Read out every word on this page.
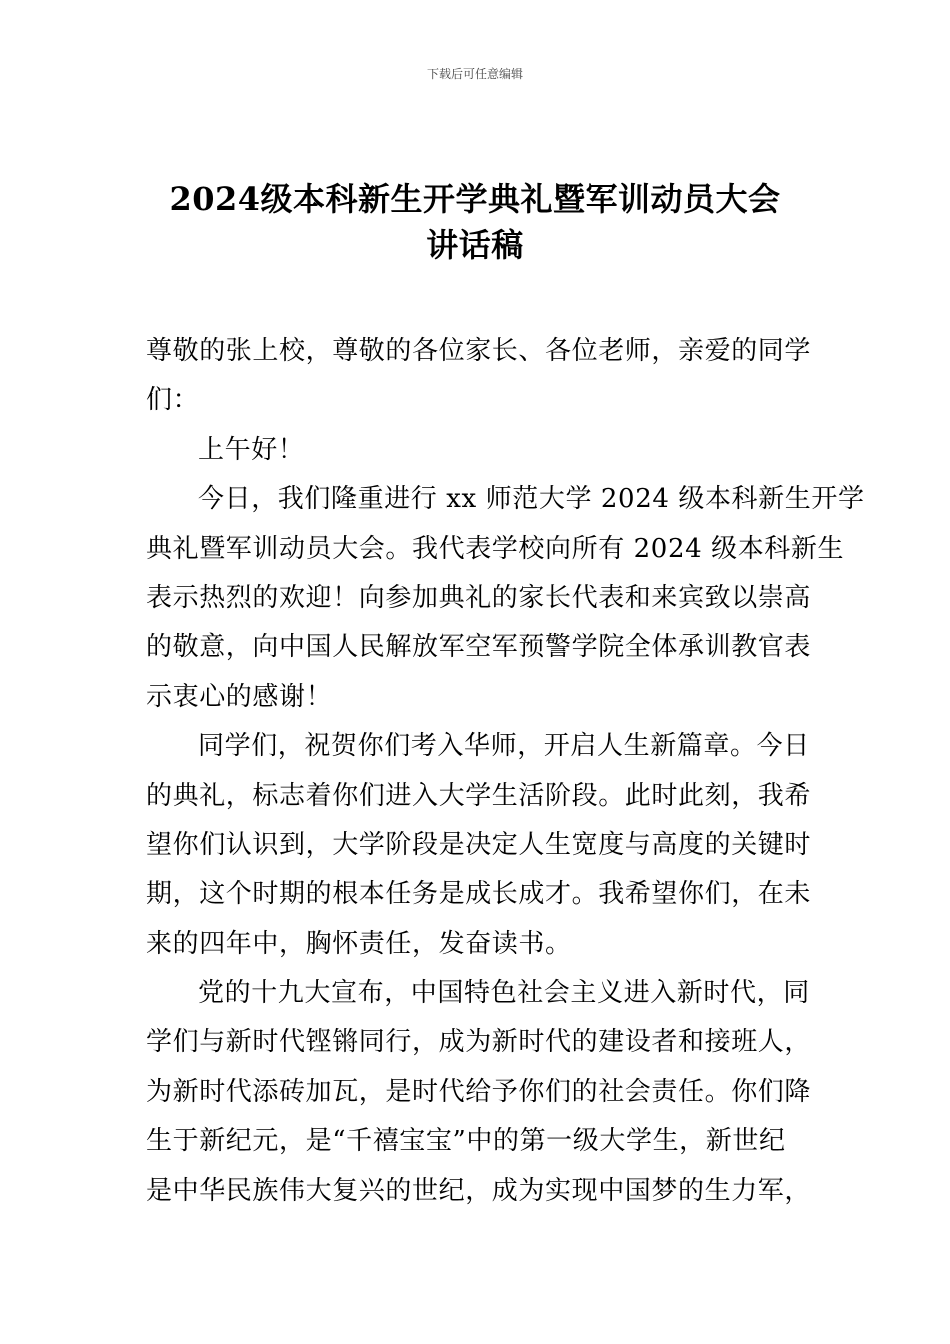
下载后可任意编辑
2024级本科新生开学典礼暨军训动员大会
讲话稿

尊敬的张上校，尊敬的各位家长、各位老师，亲爱的同学
们：

上午好！

今日，我们隆重进行 xx 师范大学 2024 级本科新生开学
典礼暨军训动员大会。我代表学校向所有 2024 级本科新生
表示热烈的欢迎！向参加典礼的家长代表和来宾致以崇高
的敬意，向中国人民解放军空军预警学院全体承训教官表
示衷心的感谢！

同学们，祝贺你们考入华师，开启人生新篇章。今日
的典礼，标志着你们进入大学生活阶段。此时此刻，我希
望你们认识到，大学阶段是决定人生宽度与高度的关键时
期，这个时期的根本任务是成长成才。我希望你们，在未
来的四年中，胸怀责任，发奋读书。

党的十九大宣布，中国特色社会主义进入新时代，同
学们与新时代铿锵同行，成为新时代的建设者和接班人，
为新时代添砖加瓦，是时代给予你们的社会责任。你们降
生于新纪元，是“千禧宝宝”中的第一级大学生，新世纪
是中华民族伟大复兴的世纪，成为实现中国梦的生力军，
